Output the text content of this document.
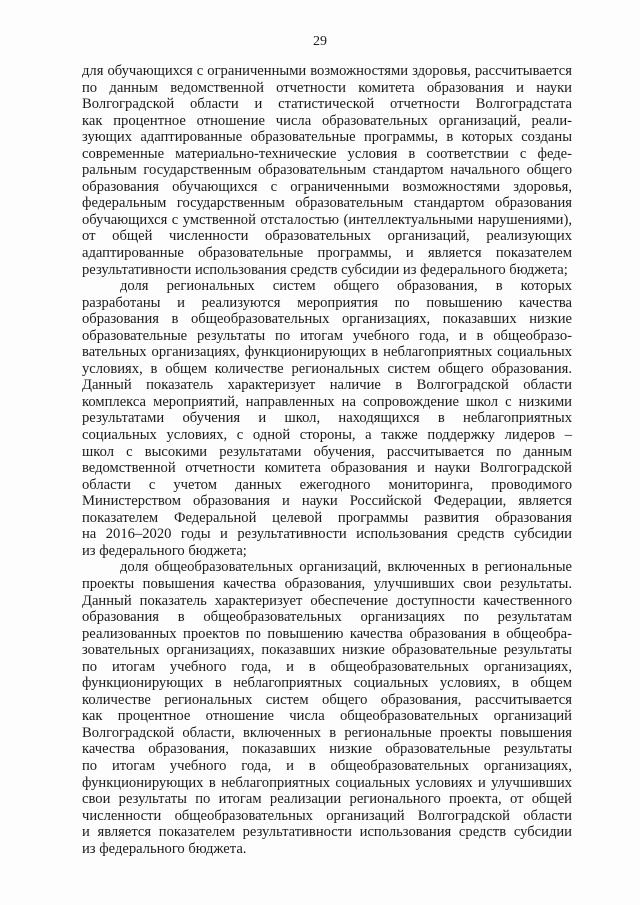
29
для обучающихся с ограниченными возможностями здоровья, рассчитывается
по данным ведомственной отчетности комитета образования и науки
Волгоградской области и статистической отчетности Волгоградстата
как процентное отношение числа образовательных организаций, реали-
зующих адаптированные образовательные программы, в которых созданы
современные материально-технические условия в соответствии с феде-
ральным государственным образовательным стандартом начального общего
образования обучающихся с ограниченными возможностями здоровья,
федеральным государственным образовательным стандартом образования
обучающихся с умственной отсталостью (интеллектуальными нарушениями),
от общей численности образовательных организаций, реализующих
адаптированные образовательные программы, и является показателем
результативности использования средств субсидии из федерального бюджета;
доля региональных систем общего образования, в которых
разработаны и реализуются мероприятия по повышению качества
образования в общеобразовательных организациях, показавших низкие
образовательные результаты по итогам учебного года, и в общеобразо-
вательных организациях, функционирующих в неблагоприятных социальных
условиях, в общем количестве региональных систем общего образования.
Данный показатель характеризует наличие в Волгоградской области
комплекса мероприятий, направленных на сопровождение школ с низкими
результатами обучения и школ, находящихся в неблагоприятных
социальных условиях, с одной стороны, а также поддержку лидеров –
школ с высокими результатами обучения, рассчитывается по данным
ведомственной отчетности комитета образования и науки Волгоградской
области с учетом данных ежегодного мониторинга, проводимого
Министерством образования и науки Российской Федерации, является
показателем Федеральной целевой программы развития образования
на 2016–2020 годы и результативности использования средств субсидии
из федерального бюджета;
доля общеобразовательных организаций, включенных в региональные
проекты повышения качества образования, улучшивших свои результаты.
Данный показатель характеризует обеспечение доступности качественного
образования в общеобразовательных организациях по результатам
реализованных проектов по повышению качества образования в общеобра-
зовательных организациях, показавших низкие образовательные результаты
по итогам учебного года, и в общеобразовательных организациях,
функционирующих в неблагоприятных социальных условиях, в общем
количестве региональных систем общего образования, рассчитывается
как процентное отношение числа общеобразовательных организаций
Волгоградской области, включенных в региональные проекты повышения
качества образования, показавших низкие образовательные результаты
по итогам учебного года, и в общеобразовательных организациях,
функционирующих в неблагоприятных социальных условиях и улучшивших
свои результаты по итогам реализации регионального проекта, от общей
численности общеобразовательных организаций Волгоградской области
и является показателем результативности использования средств субсидии
из федерального бюджета.
